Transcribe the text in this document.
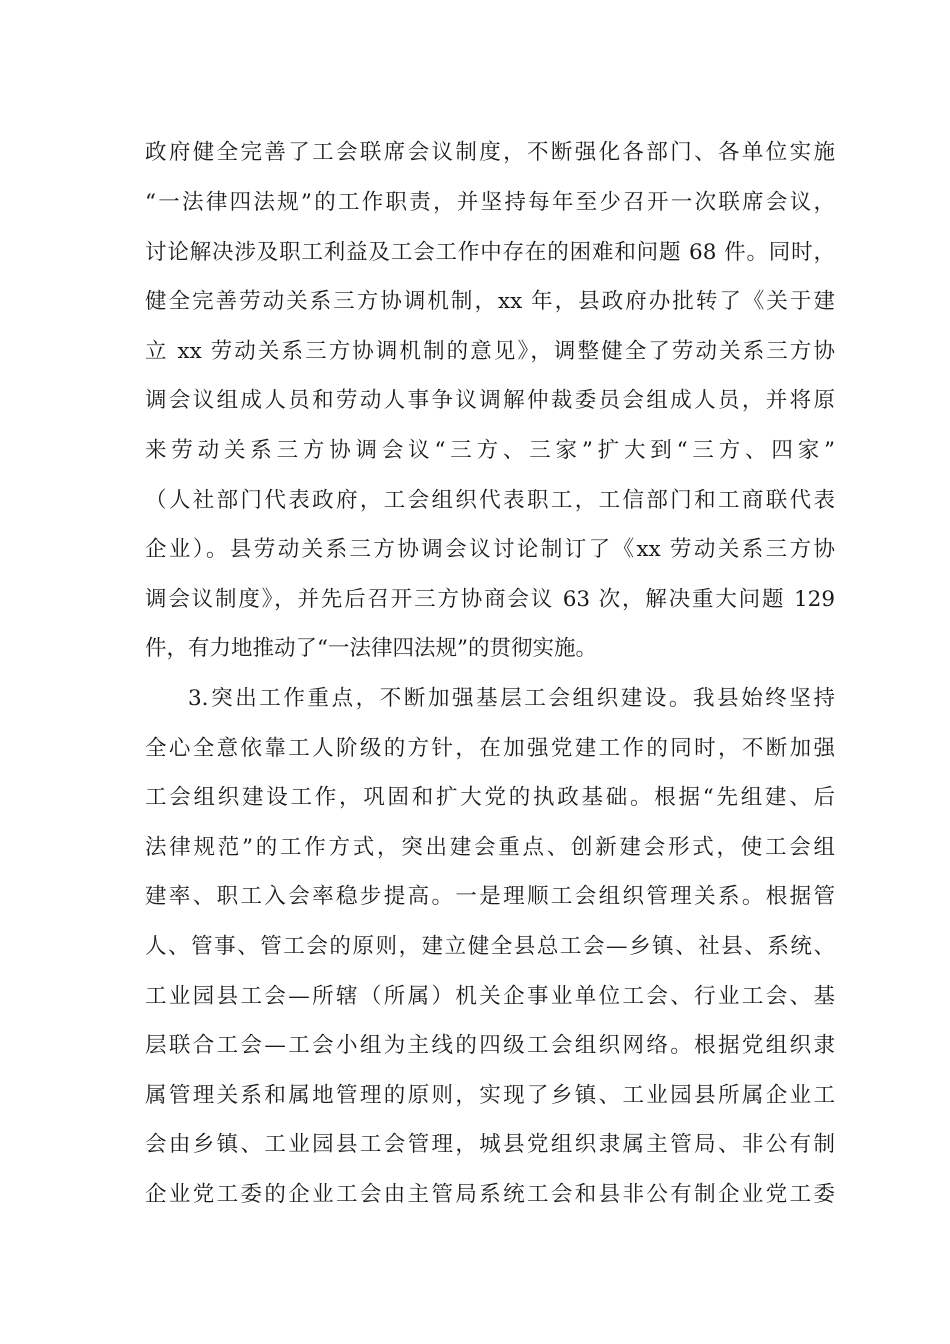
政府健全完善了工会联席会议制度，不断强化各部门、各单位实施
“一法律四法规”的工作职责，并坚持每年至少召开一次联席会议，
讨论解决涉及职工利益及工会工作中存在的困难和问题 68 件。同时，
健全完善劳动关系三方协调机制，xx 年，县政府办批转了《关于建
立 xx 劳动关系三方协调机制的意见》，调整健全了劳动关系三方协
调会议组成人员和劳动人事争议调解仲裁委员会组成人员，并将原
来劳动关系三方协调会议“三方、三家”扩大到“三方、四家”
（人社部门代表政府，工会组织代表职工，工信部门和工商联代表
企业）。县劳动关系三方协调会议讨论制订了《xx 劳动关系三方协
调会议制度》，并先后召开三方协商会议 63 次，解决重大问题 129
件，有力地推动了“一法律四法规”的贯彻实施。
3.突出工作重点，不断加强基层工会组织建设。我县始终坚持
全心全意依靠工人阶级的方针，在加强党建工作的同时，不断加强
工会组织建设工作，巩固和扩大党的执政基础。根据“先组建、后
法律规范”的工作方式，突出建会重点、创新建会形式，使工会组
建率、职工入会率稳步提高。一是理顺工会组织管理关系。根据管
人、管事、管工会的原则，建立健全县总工会—乡镇、社县、系统、
工业园县工会—所辖（所属）机关企事业单位工会、行业工会、基
层联合工会—工会小组为主线的四级工会组织网络。根据党组织隶
属管理关系和属地管理的原则，实现了乡镇、工业园县所属企业工
会由乡镇、工业园县工会管理，城县党组织隶属主管局、非公有制
企业党工委的企业工会由主管局系统工会和县非公有制企业党工委
